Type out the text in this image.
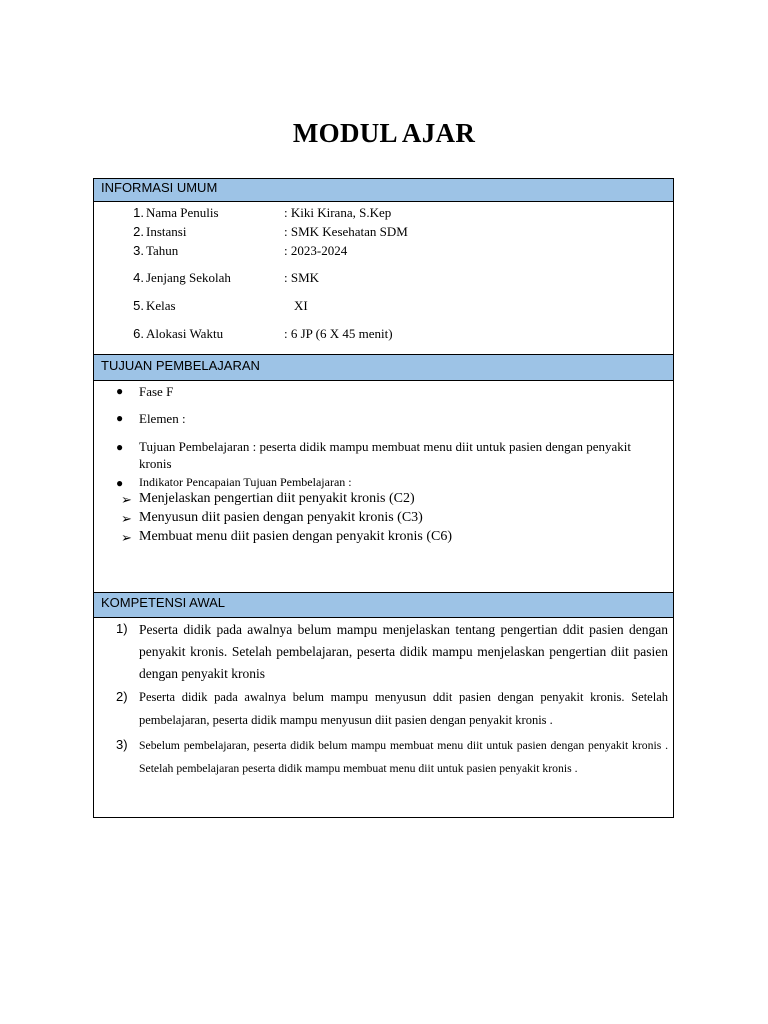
MODUL AJAR
INFORMASI UMUM
1. Nama Penulis	: Kiki Kirana, S.Kep
2. Instansi	: SMK Kesehatan SDM
3. Tahun	: 2023-2024
4. Jenjang Sekolah	: SMK
5. Kelas	XI
6. Alokasi Waktu	: 6 JP (6 X 45 menit)
TUJUAN PEMBELAJARAN
● Fase F
● Elemen :
● Tujuan Pembelajaran : peserta didik mampu membuat menu diit untuk pasien dengan penyakit kronis
● Indikator Pencapaian Tujuan Pembelajaran :
➢ Menjelaskan pengertian diit penyakit kronis (C2)
➢ Menyusun diit pasien dengan penyakit kronis (C3)
➢ Membuat menu diit pasien dengan penyakit kronis (C6)
KOMPETENSI AWAL
1) Peserta didik pada awalnya belum mampu menjelaskan tentang pengertian ddit pasien dengan penyakit kronis. Setelah pembelajaran, peserta didik mampu menjelaskan pengertian diit pasien dengan penyakit kronis
2) Peserta didik pada awalnya belum mampu menyusun ddit pasien dengan penyakit kronis. Setelah pembelajaran, peserta didik mampu menyusun diit pasien dengan penyakit kronis .
3) Sebelum pembelajaran, peserta didik belum mampu membuat menu diit untuk pasien dengan penyakit kronis . Setelah pembelajaran peserta didik mampu membuat menu diit untuk pasien penyakit kronis .
